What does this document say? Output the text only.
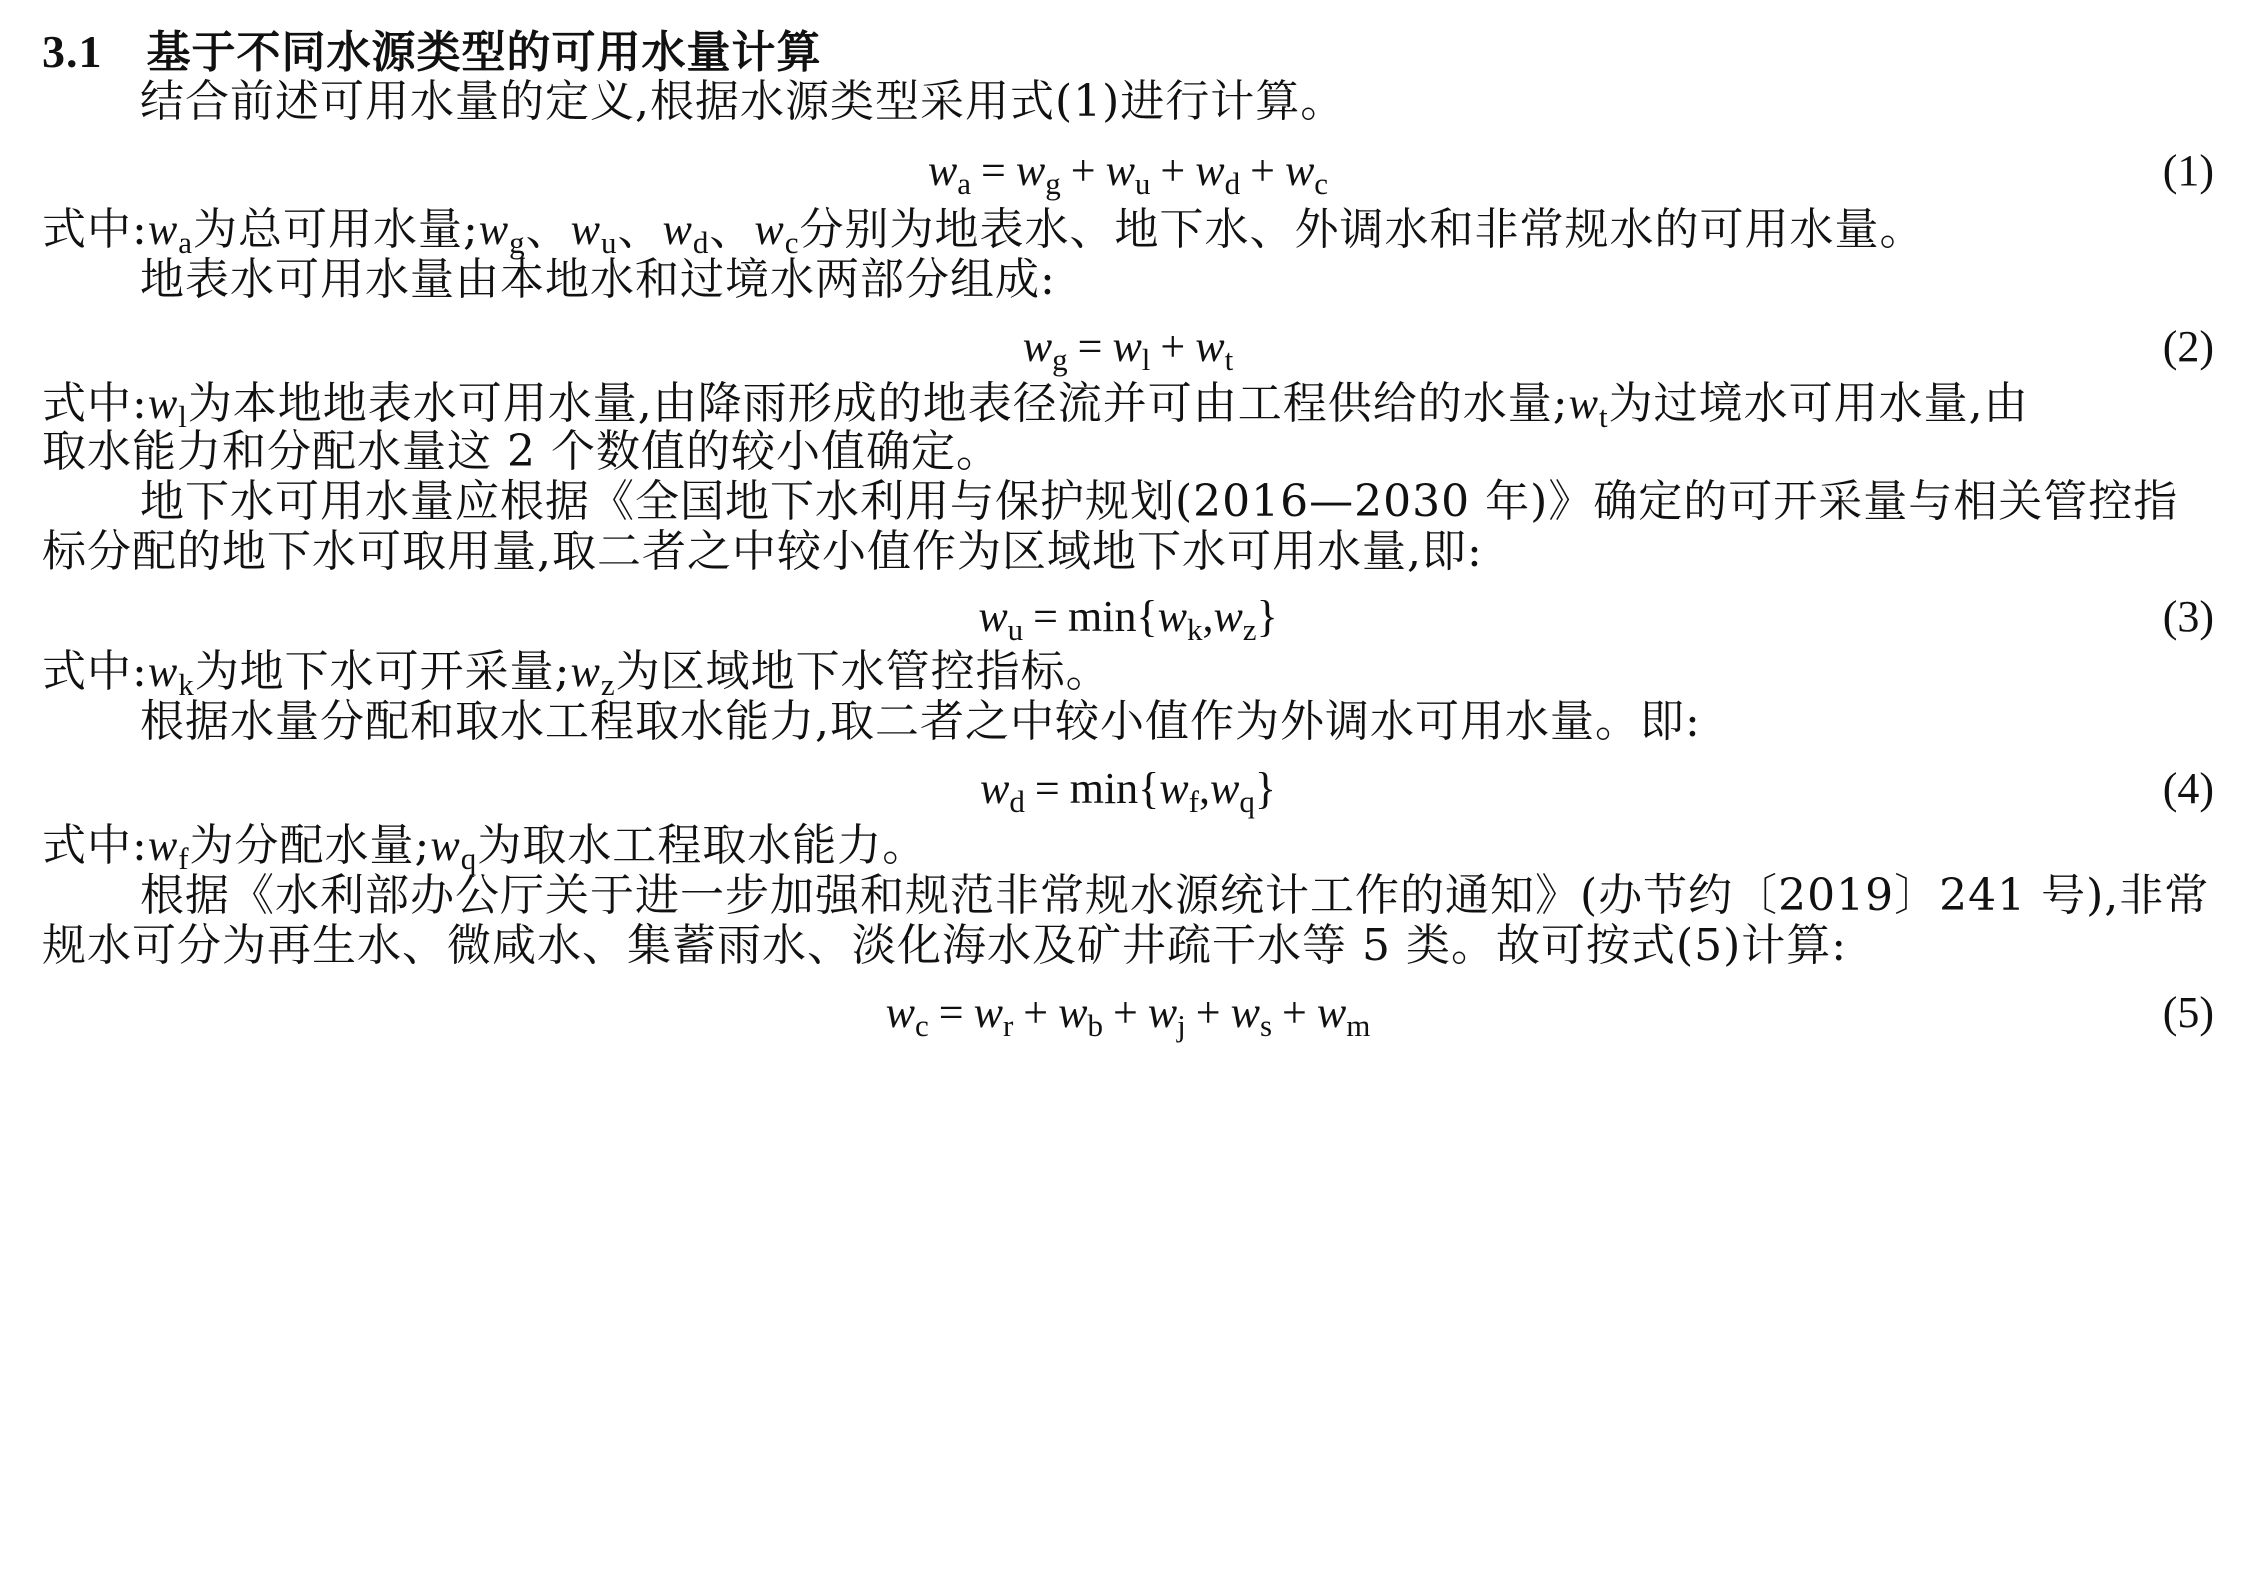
3.1 基于不同水源类型的可用水量计算
结合前述可用水量的定义,根据水源类型采用式(1)进行计算。
$w_a = w_g + w_u + w_d + w_c$	(1)
式中$:w_a$为总可用水量$;w_g$、$w_u$、$w_d$、$w_c$分别为地表水、地下水、外调水和非常规水的可用水量。
地表水可用水量由本地水和过境水两部分组成:
$w_g = w_l + w_t$	(2)
式中$:w_l$为本地地表水可用水量,由降雨形成的地表径流并可由工程供给的水量$;w_t$为过境水可用水量,由
取水能力和分配水量这 2 个数值的较小值确定。
地下水可用水量应根据《全国地下水利用与保护规划(2016—2030 年)》确定的可开采量与相关管控指
标分配的地下水可取用量,取二者之中较小值作为区域地下水可用水量,即:
$w_u = \min\{w_k,w_z\}$	(3)
式中$:w_k$为地下水可开采量$;w_z$为区域地下水管控指标。
根据水量分配和取水工程取水能力,取二者之中较小值作为外调水可用水量。即:
$w_d = \min\{w_f,w_q\}$	(4)
式中$:w_f$为分配水量$;w_q$为取水工程取水能力。
根据《水利部办公厅关于进一步加强和规范非常规水源统计工作的通知》(办节约〔2019〕241 号),非常
规水可分为再生水、微咸水、集蓄雨水、淡化海水及矿井疏干水等 5 类。故可按式(5)计算:
$w_c = w_r + w_b + w_j + w_s + w_m$	(5)
